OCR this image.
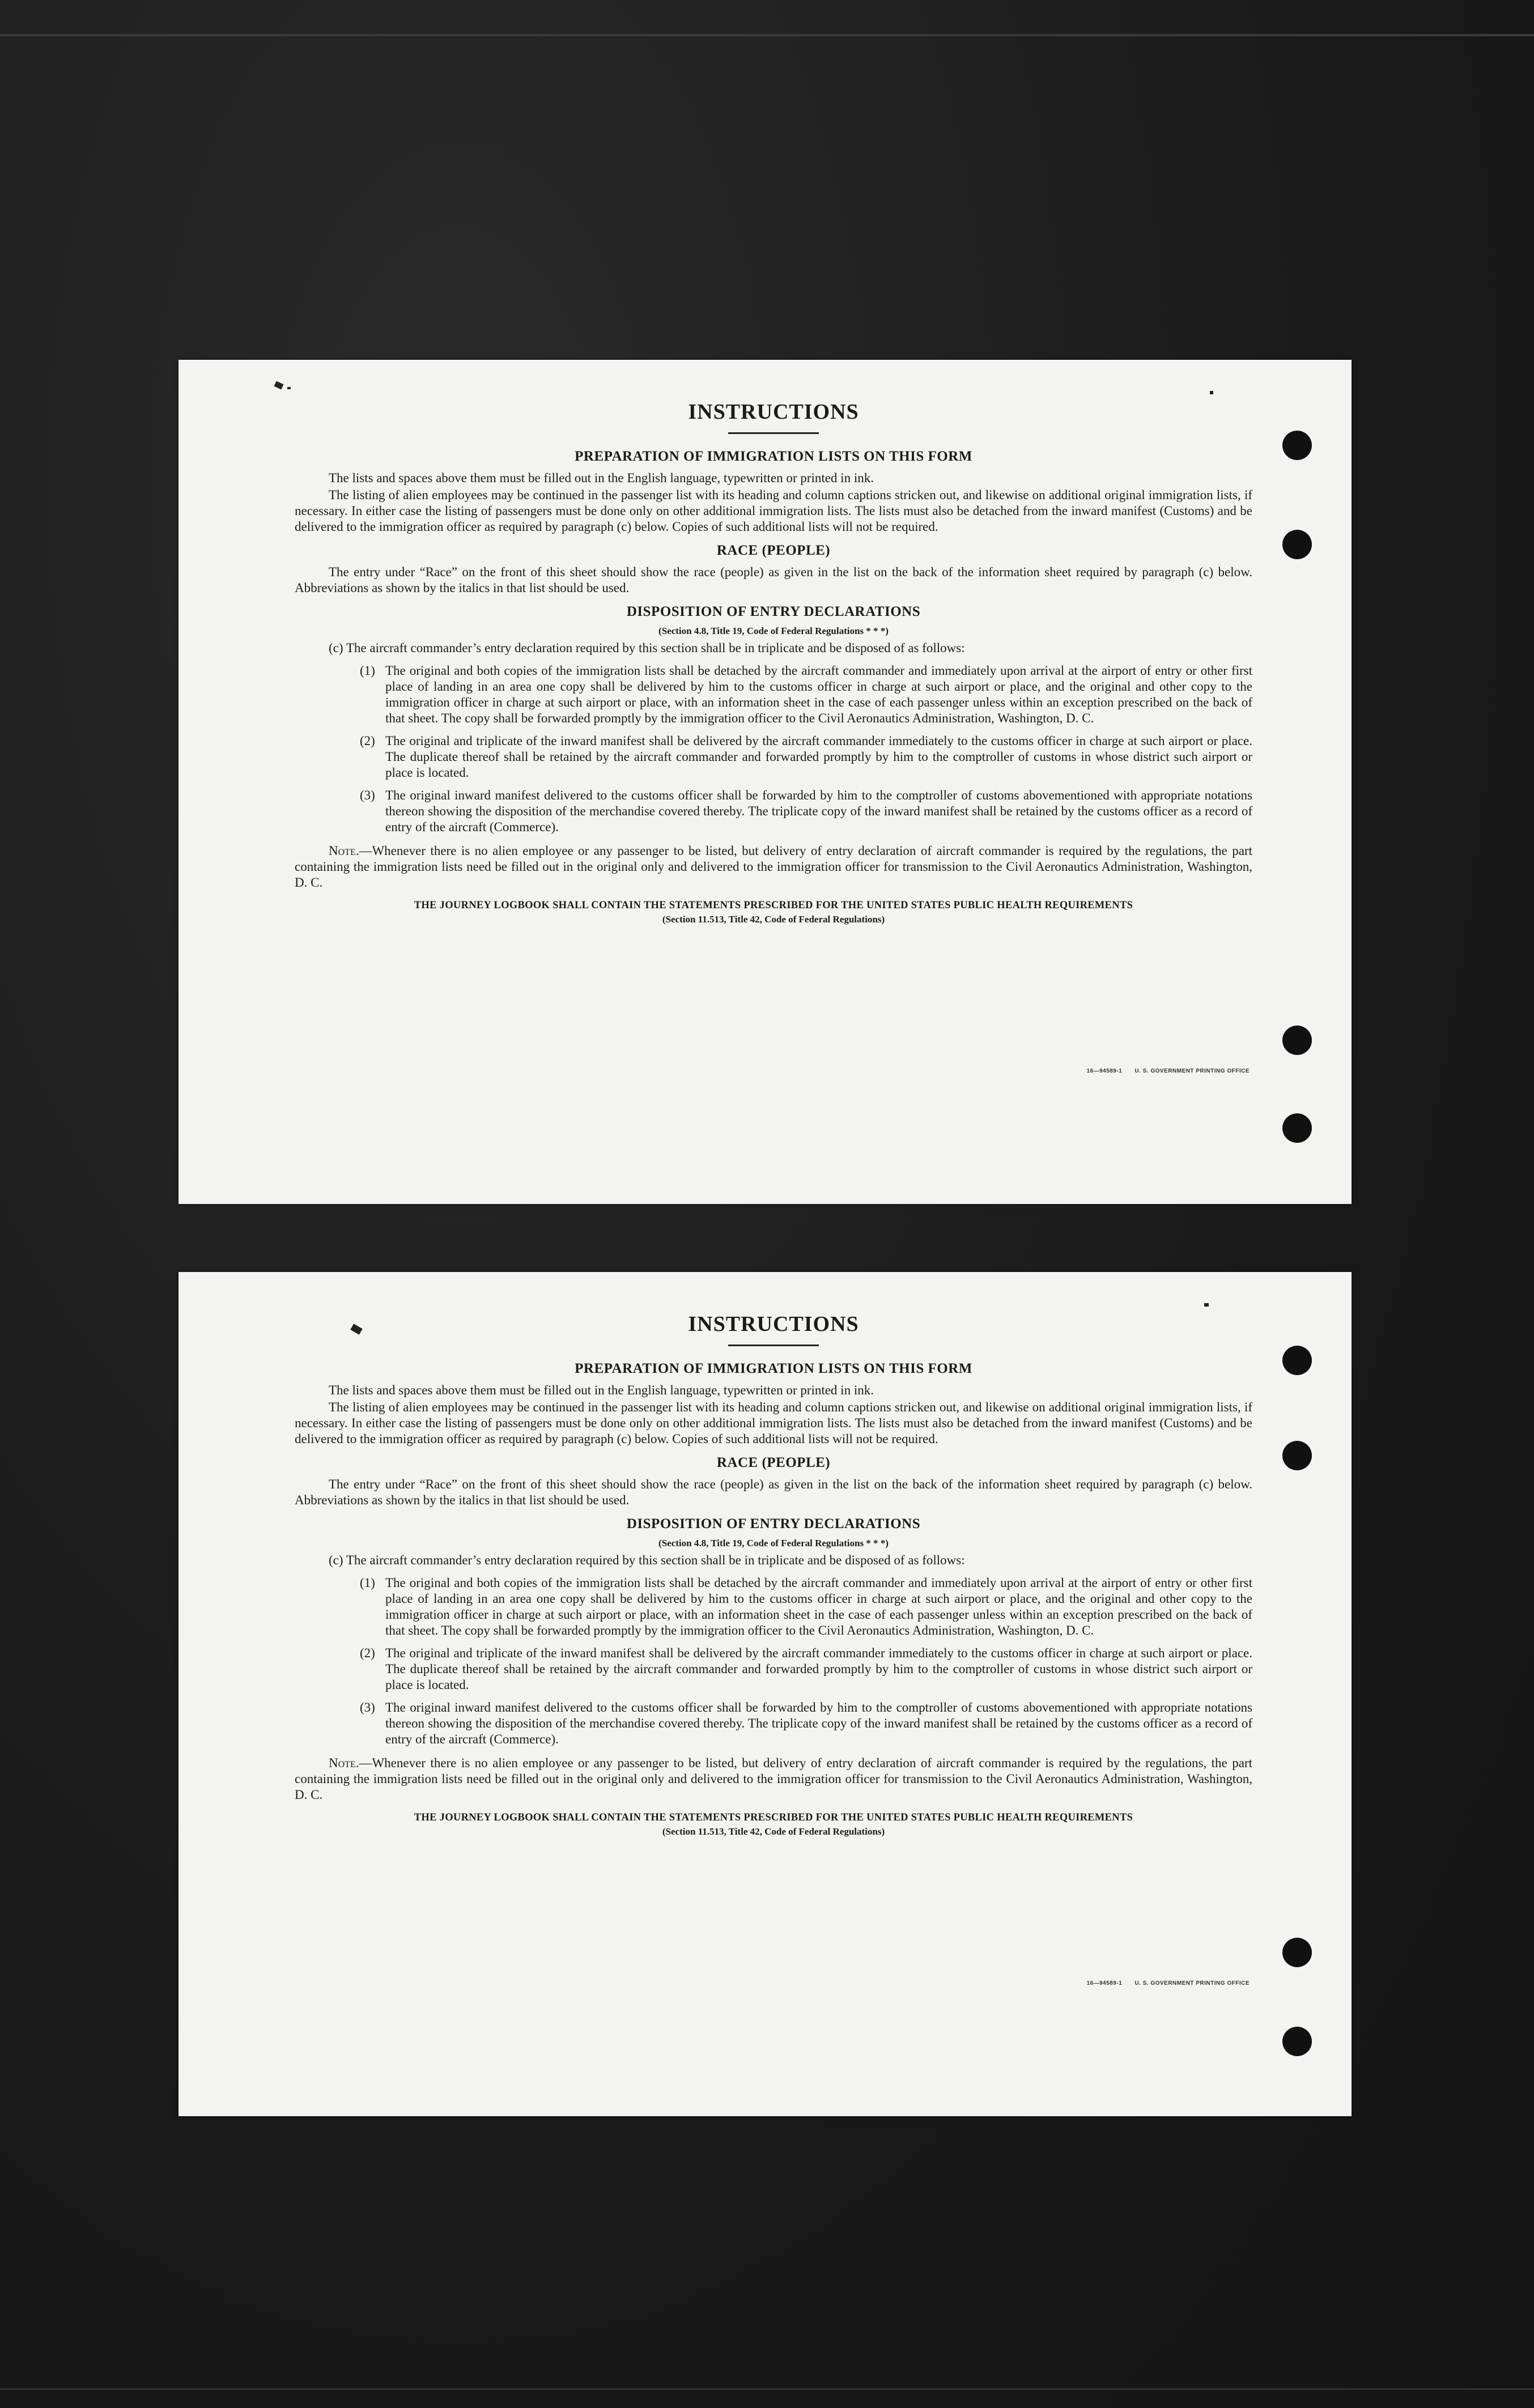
INSTRUCTIONS
PREPARATION OF IMMIGRATION LISTS ON THIS FORM

The lists and spaces above them must be filled out in the English language, typewritten or printed in ink.

The listing of alien employees may be continued in the passenger list with its heading and column captions stricken out, and likewise on additional original immigration lists, if necessary. In either case the listing of passengers must be done only on other additional immigration lists. The lists must also be detached from the inward manifest (Customs) and be delivered to the immigration officer as required by paragraph (c) below. Copies of such additional lists will not be required.

RACE (PEOPLE)

The entry under “Race” on the front of this sheet should show the race (people) as given in the list on the back of the information sheet required by paragraph (c) below. Abbreviations as shown by the italics in that list should be used.

DISPOSITION OF ENTRY DECLARATIONS
(Section 4.8, Title 19, Code of Federal Regulations * * *)

(c) The aircraft commander’s entry declaration required by this section shall be in triplicate and be disposed of as follows:

(1) The original and both copies of the immigration lists shall be detached by the aircraft commander and immediately upon arrival at the airport of entry or other first place of landing in an area one copy shall be delivered by him to the customs officer in charge at such airport or place, and the original and other copy to the immigration officer in charge at such airport or place, with an information sheet in the case of each passenger unless within an exception prescribed on the back of that sheet. The copy shall be forwarded promptly by the immigration officer to the Civil Aeronautics Administration, Washington, D. C.
(2) The original and triplicate of the inward manifest shall be delivered by the aircraft commander immediately to the customs officer in charge at such airport or place. The duplicate thereof shall be retained by the aircraft commander and forwarded promptly by him to the comptroller of customs in whose district such airport or place is located.
(3) The original inward manifest delivered to the customs officer shall be forwarded by him to the comptroller of customs abovementioned with appropriate notations thereon showing the disposition of the merchandise covered thereby. The triplicate copy of the inward manifest shall be retained by the customs officer as a record of entry of the aircraft (Commerce).

Note.—Whenever there is no alien employee or any passenger to be listed, but delivery of entry declaration of aircraft commander is required by the regulations, the part containing the immigration lists need be filled out in the original only and delivered to the immigration officer for transmission to the Civil Aeronautics Administration, Washington, D. C.

THE JOURNEY LOGBOOK SHALL CONTAIN THE STATEMENTS PRESCRIBED FOR THE UNITED STATES PUBLIC HEALTH REQUIREMENTS
(Section 11.513, Title 42, Code of Federal Regulations)
16—94589-1 U. S. GOVERNMENT PRINTING OFFICE
INSTRUCTIONS
PREPARATION OF IMMIGRATION LISTS ON THIS FORM

The lists and spaces above them must be filled out in the English language, typewritten or printed in ink.

The listing of alien employees may be continued in the passenger list with its heading and column captions stricken out, and likewise on additional original immigration lists, if necessary. In either case the listing of passengers must be done only on other additional immigration lists. The lists must also be detached from the inward manifest (Customs) and be delivered to the immigration officer as required by paragraph (c) below. Copies of such additional lists will not be required.

RACE (PEOPLE)

The entry under “Race” on the front of this sheet should show the race (people) as given in the list on the back of the information sheet required by paragraph (c) below. Abbreviations as shown by the italics in that list should be used.

DISPOSITION OF ENTRY DECLARATIONS
(Section 4.8, Title 19, Code of Federal Regulations * * *)

(c) The aircraft commander’s entry declaration required by this section shall be in triplicate and be disposed of as follows:

(1) The original and both copies of the immigration lists shall be detached by the aircraft commander and immediately upon arrival at the airport of entry or other first place of landing in an area one copy shall be delivered by him to the customs officer in charge at such airport or place, and the original and other copy to the immigration officer in charge at such airport or place, with an information sheet in the case of each passenger unless within an exception prescribed on the back of that sheet. The copy shall be forwarded promptly by the immigration officer to the Civil Aeronautics Administration, Washington, D. C.
(2) The original and triplicate of the inward manifest shall be delivered by the aircraft commander immediately to the customs officer in charge at such airport or place. The duplicate thereof shall be retained by the aircraft commander and forwarded promptly by him to the comptroller of customs in whose district such airport or place is located.
(3) The original inward manifest delivered to the customs officer shall be forwarded by him to the comptroller of customs abovementioned with appropriate notations thereon showing the disposition of the merchandise covered thereby. The triplicate copy of the inward manifest shall be retained by the customs officer as a record of entry of the aircraft (Commerce).

Note.—Whenever there is no alien employee or any passenger to be listed, but delivery of entry declaration of aircraft commander is required by the regulations, the part containing the immigration lists need be filled out in the original only and delivered to the immigration officer for transmission to the Civil Aeronautics Administration, Washington, D. C.

THE JOURNEY LOGBOOK SHALL CONTAIN THE STATEMENTS PRESCRIBED FOR THE UNITED STATES PUBLIC HEALTH REQUIREMENTS
(Section 11.513, Title 42, Code of Federal Regulations)
16—94589-1 U. S. GOVERNMENT PRINTING OFFICE
